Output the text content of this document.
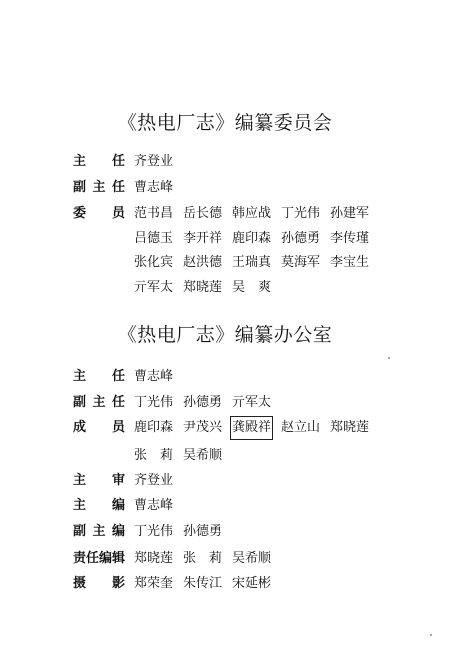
《热电厂志》编纂委员会
主 任 齐登业
副 主 任 曹志峰
委 员 范书昌 岳长德 韩应战 丁光伟 孙建军
吕德玉 李开祥 鹿印森 孙德勇 李传瑾
张化宾 赵洪德 王瑞真 莫海军 李宝生
亓军太 郑晓莲 吴　爽
《热电厂志》编纂办公室
主 任 曹志峰
副 主 任 丁光伟 孙德勇 亓军太
成 员 鹿印森 尹茂兴 龚殿祥 赵立山 郑晓莲
张　莉 吴希顺
主 审 齐登业
主 编 曹志峰
副 主 编 丁光伟 孙德勇
责 任 编 辑 郑晓莲 张　莉 吴希顺
摄 影 郑荣奎 朱传江 宋延彬
